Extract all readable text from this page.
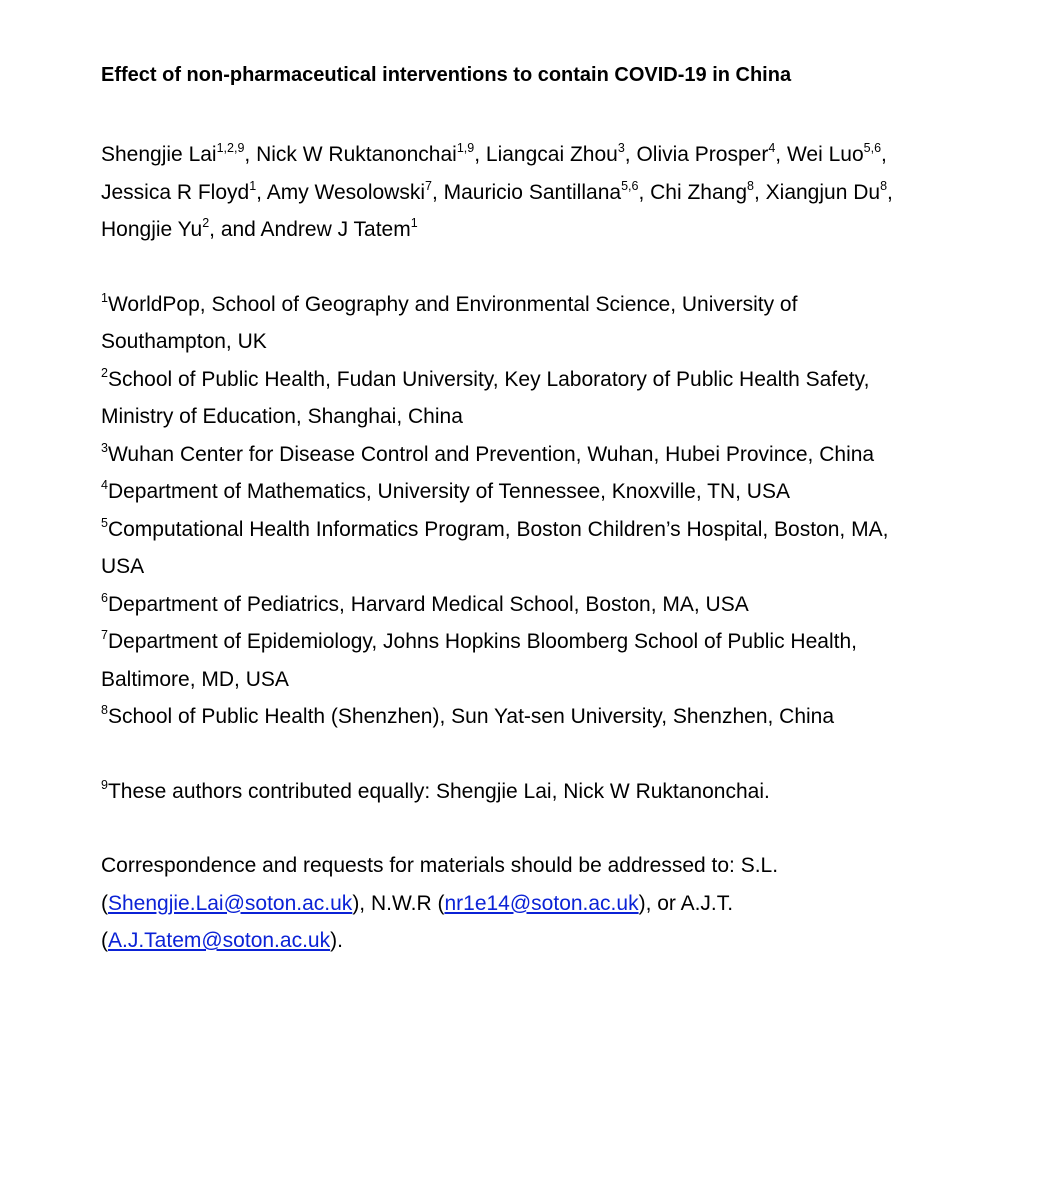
Effect of non-pharmaceutical interventions to contain COVID-19 in China
Shengjie Lai$^{1,2,9}$, Nick W Ruktanonchai$^{1,9}$, Liangcai Zhou$^3$, Olivia Prosper$^4$, Wei Luo$^{5,6}$, Jessica R Floyd$^1$, Amy Wesolowski$^7$, Mauricio Santillana$^{5,6}$, Chi Zhang$^8$, Xiangjun Du$^8$, Hongjie Yu$^2$, and Andrew J Tatem$^1$

$^1$WorldPop, School of Geography and Environmental Science, University of Southampton, UK

$^2$School of Public Health, Fudan University, Key Laboratory of Public Health Safety, Ministry of Education, Shanghai, China

$^3$Wuhan Center for Disease Control and Prevention, Wuhan, Hubei Province, China

$^4$Department of Mathematics, University of Tennessee, Knoxville, TN, USA

$^5$Computational Health Informatics Program, Boston Children’s Hospital, Boston, MA, USA

$^6$Department of Pediatrics, Harvard Medical School, Boston, MA, USA

$^7$Department of Epidemiology, Johns Hopkins Bloomberg School of Public Health, Baltimore, MD, USA

$^8$School of Public Health (Shenzhen), Sun Yat-sen University, Shenzhen, China

$^9$These authors contributed equally: Shengjie Lai, Nick W Ruktanonchai.
Correspondence and requests for materials should be addressed to: S.L. (Shengjie.Lai@soton.ac.uk), N.W.R (nr1e14@soton.ac.uk), or A.J.T. (A.J.Tatem@soton.ac.uk).
